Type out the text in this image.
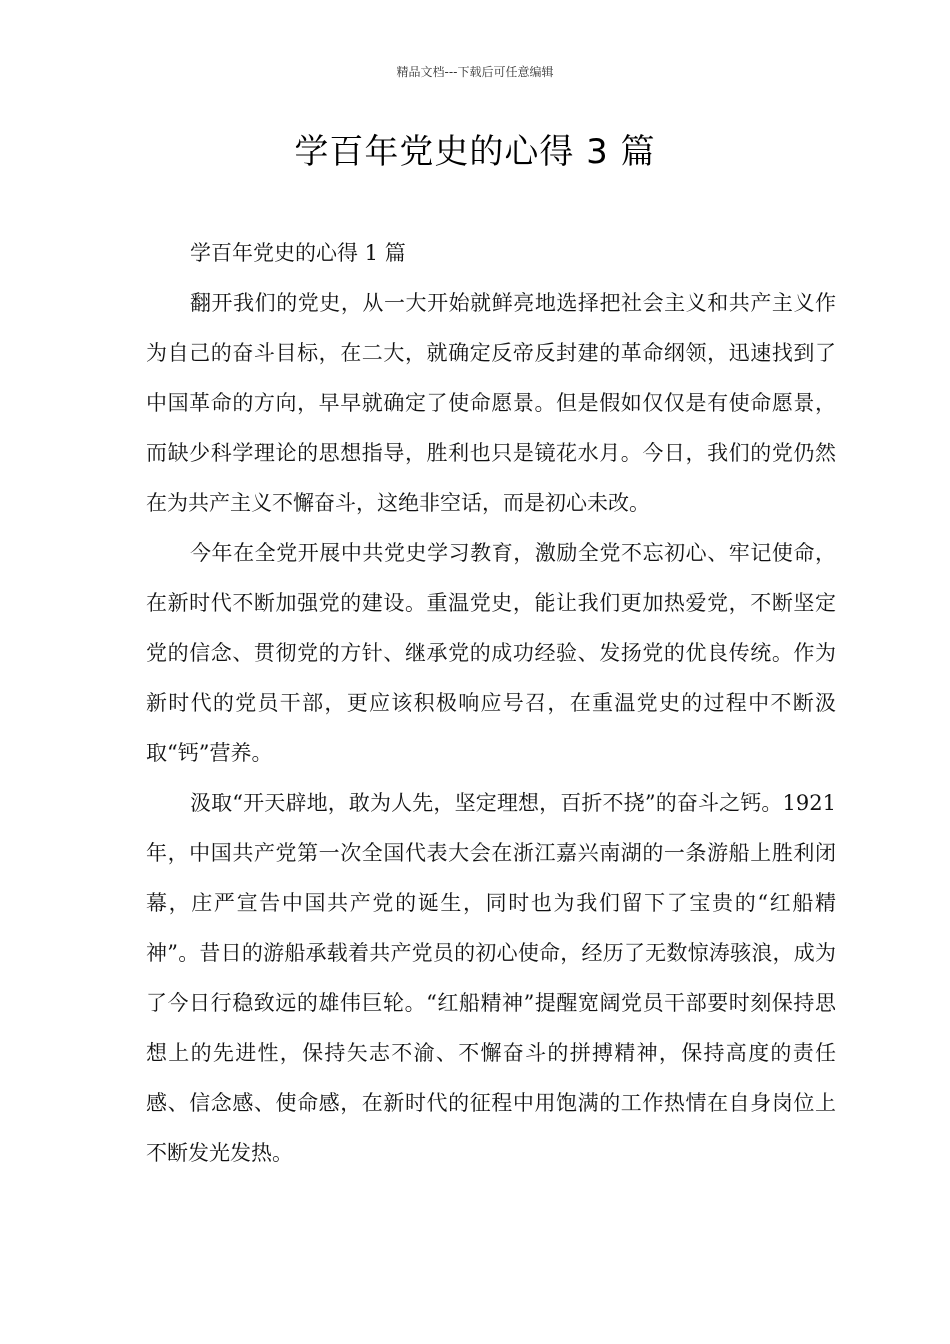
精品文档---下载后可任意编辑
学百年党史的心得 3 篇

学百年党史的心得 1 篇

翻开我们的党史，从一大开始就鲜亮地选择把社会主义和共产主义作为自己的奋斗目标，在二大，就确定反帝反封建的革命纲领，迅速找到了中国革命的方向，早早就确定了使命愿景。但是假如仅仅是有使命愿景，而缺少科学理论的思想指导，胜利也只是镜花水月。今日，我们的党仍然在为共产主义不懈奋斗，这绝非空话，而是初心未改。

今年在全党开展中共党史学习教育，激励全党不忘初心、牢记使命，在新时代不断加强党的建设。重温党史，能让我们更加热爱党，不断坚定党的信念、贯彻党的方针、继承党的成功经验、发扬党的优良传统。作为新时代的党员干部，更应该积极响应号召，在重温党史的过程中不断汲取“钙”营养。

汲取“开天辟地，敢为人先，坚定理想，百折不挠”的奋斗之钙。1921 年，中国共产党第一次全国代表大会在浙江嘉兴南湖的一条游船上胜利闭幕，庄严宣告中国共产党的诞生，同时也为我们留下了宝贵的“红船精神”。昔日的游船承载着共产党员的初心使命，经历了无数惊涛骇浪，成为了今日行稳致远的雄伟巨轮。“红船精神”提醒宽阔党员干部要时刻保持思想上的先进性，保持矢志不渝、不懈奋斗的拼搏精神，保持高度的责任感、信念感、使命感，在新时代的征程中用饱满的工作热情在自身岗位上不断发光发热。
